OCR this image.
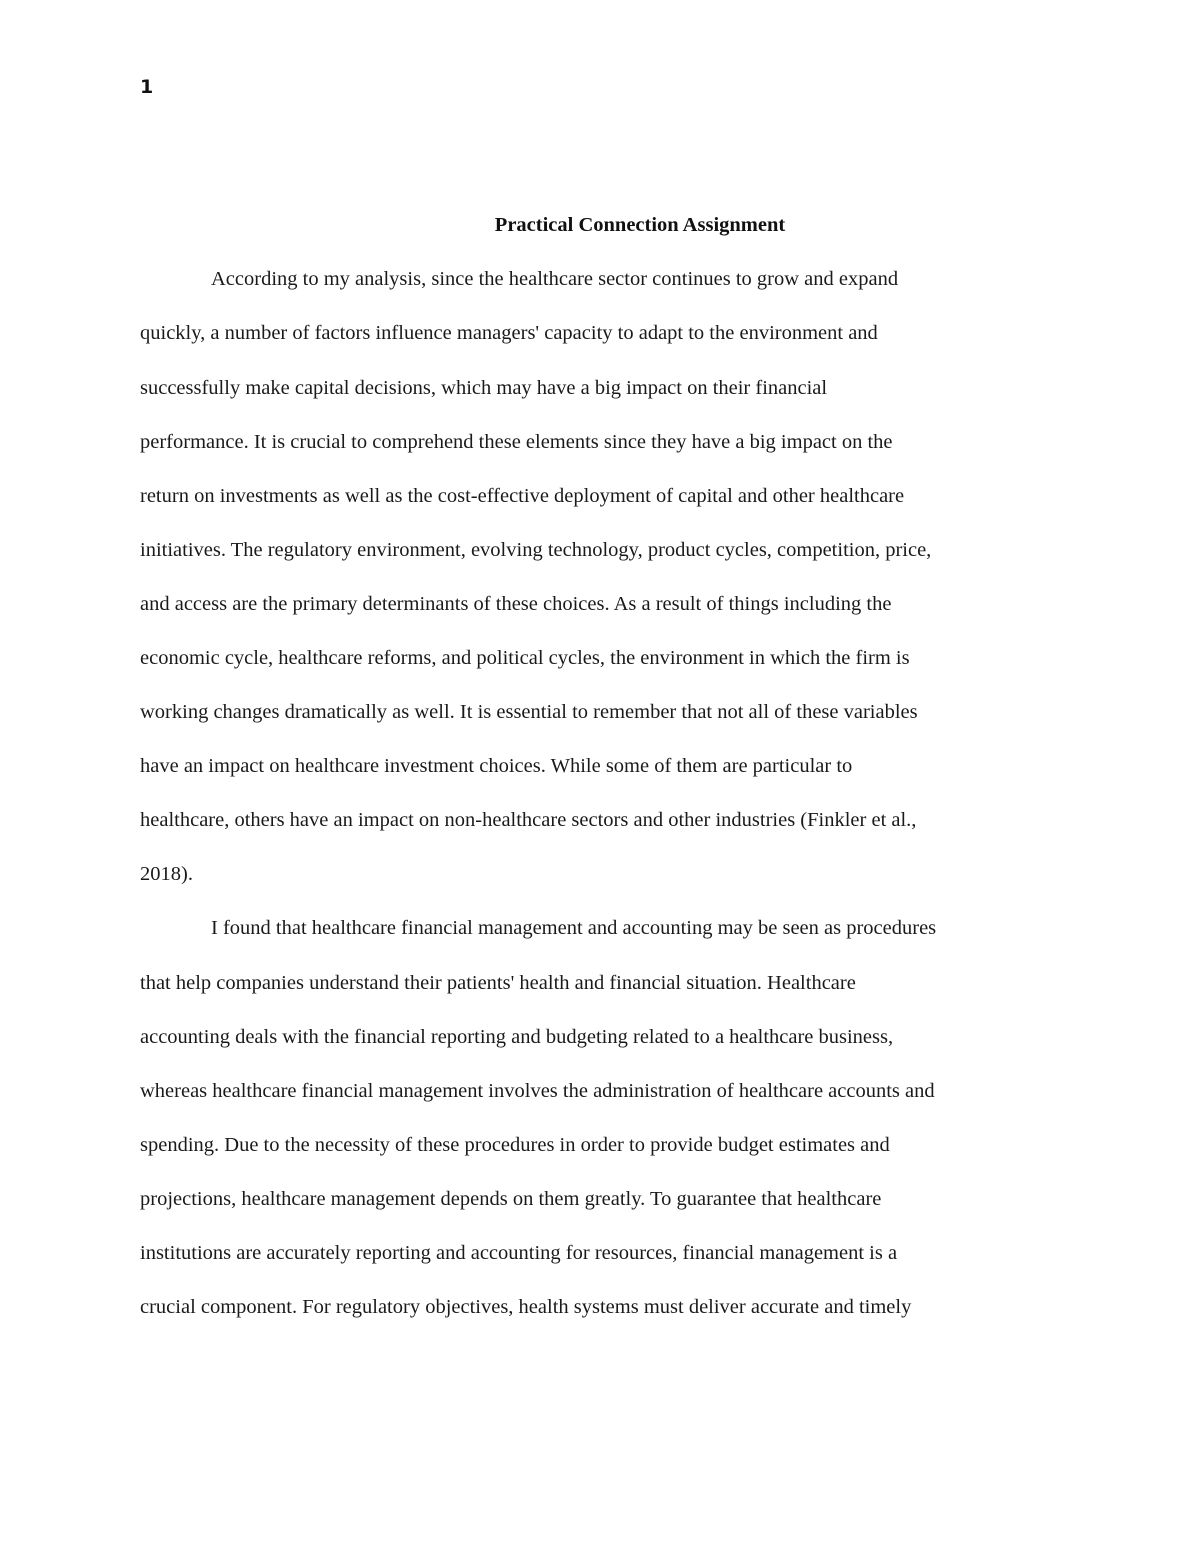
1
Practical Connection Assignment
According to my analysis, since the healthcare sector continues to grow and expand
quickly, a number of factors influence managers' capacity to adapt to the environment and
successfully make capital decisions, which may have a big impact on their financial
performance. It is crucial to comprehend these elements since they have a big impact on the
return on investments as well as the cost-effective deployment of capital and other healthcare
initiatives. The regulatory environment, evolving technology, product cycles, competition, price,
and access are the primary determinants of these choices. As a result of things including the
economic cycle, healthcare reforms, and political cycles, the environment in which the firm is
working changes dramatically as well. It is essential to remember that not all of these variables
have an impact on healthcare investment choices. While some of them are particular to
healthcare, others have an impact on non-healthcare sectors and other industries (Finkler et al.,
2018).
I found that healthcare financial management and accounting may be seen as procedures
that help companies understand their patients' health and financial situation. Healthcare
accounting deals with the financial reporting and budgeting related to a healthcare business,
whereas healthcare financial management involves the administration of healthcare accounts and
spending. Due to the necessity of these procedures in order to provide budget estimates and
projections, healthcare management depends on them greatly. To guarantee that healthcare
institutions are accurately reporting and accounting for resources, financial management is a
crucial component. For regulatory objectives, health systems must deliver accurate and timely
